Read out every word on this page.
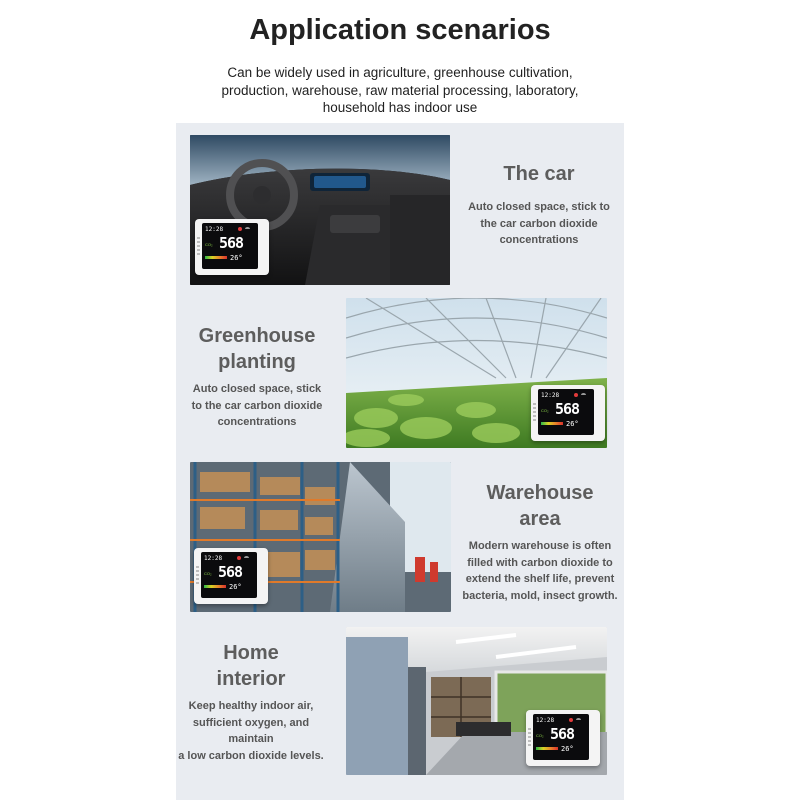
Application scenarios
Can be widely used in agriculture, greenhouse cultivation,
production, warehouse, raw material processing, laboratory,
household has indoor use
12:28
CO₂ 568
26°
The car
Auto closed space, stick to
the car carbon dioxide
concentrations
Greenhouse
planting
Auto closed space, stick
to the car carbon dioxide
concentrations
12:28
CO₂ 568
26°
12:28
CO₂ 568
26°
Warehouse
area
Modern warehouse is often
filled with carbon dioxide to
extend the shelf life, prevent
bacteria, mold, insect growth.
Home
interior
Keep healthy indoor air,
sufficient oxygen, and maintain
a low carbon dioxide levels.
12:28
CO₂ 568
26°
